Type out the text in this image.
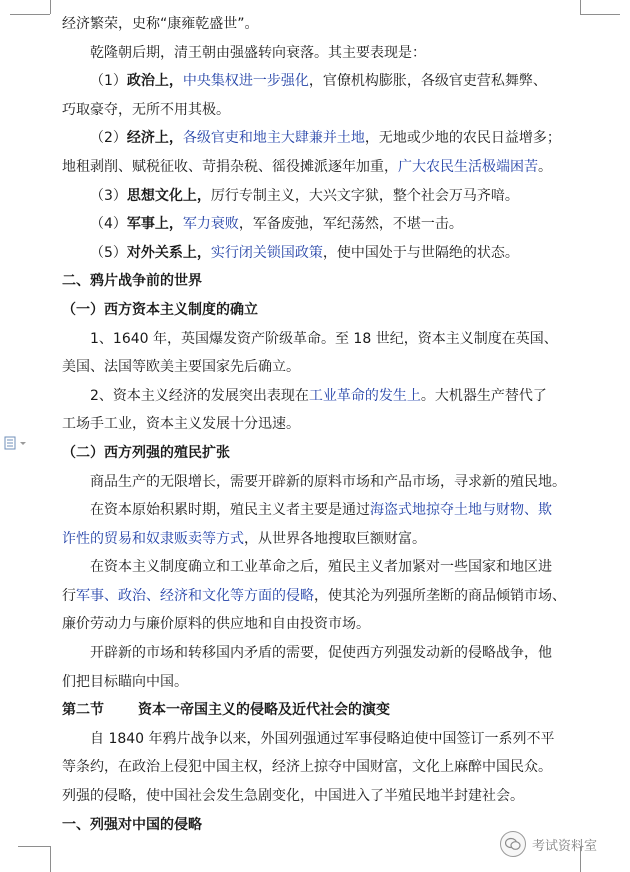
经济繁荣，史称“康雍乾盛世”。
乾隆朝后期，清王朝由强盛转向衰落。其主要表现是：
（1）政治上，中央集权进一步强化，官僚机构膨胀，各级官吏营私舞弊、
巧取豪夺，无所不用其极。
（2）经济上，各级官吏和地主大肆兼并土地，无地或少地的农民日益增多；
地租剥削、赋税征收、苛捐杂税、徭役摊派逐年加重，广大农民生活极端困苦。
（3）思想文化上，厉行专制主义，大兴文字狱，整个社会万马齐喑。
（4）军事上，军力衰败，军备废弛，军纪荡然，不堪一击。
（5）对外关系上，实行闭关锁国政策，使中国处于与世隔绝的状态。
二、鸦片战争前的世界
（一）西方资本主义制度的确立
1、1640 年，英国爆发资产阶级革命。至 18 世纪，资本主义制度在英国、
美国、法国等欧美主要国家先后确立。
2、资本主义经济的发展突出表现在工业革命的发生上。大机器生产替代了
工场手工业，资本主义发展十分迅速。
（二）西方列强的殖民扩张
商品生产的无限增长，需要开辟新的原料市场和产品市场，寻求新的殖民地。
在资本原始积累时期，殖民主义者主要是通过海盗式地掠夺土地与财物、欺
诈性的贸易和奴隶贩卖等方式，从世界各地搜取巨额财富。
在资本主义制度确立和工业革命之后，殖民主义者加紧对一些国家和地区进
行军事、政治、经济和文化等方面的侵略，使其沦为列强所垄断的商品倾销市场、
廉价劳动力与廉价原料的供应地和自由投资市场。
开辟新的市场和转移国内矛盾的需要，促使西方列强发动新的侵略战争，他
们把目标瞄向中国。
第二节 资本一帝国主义的侵略及近代社会的演变
自 1840 年鸦片战争以来，外国列强通过军事侵略迫使中国签订一系列不平
等条约，在政治上侵犯中国主权，经济上掠夺中国财富，文化上麻醉中国民众。
列强的侵略，使中国社会发生急剧变化，中国进入了半殖民地半封建社会。
一、列强对中国的侵略
考试资料室
